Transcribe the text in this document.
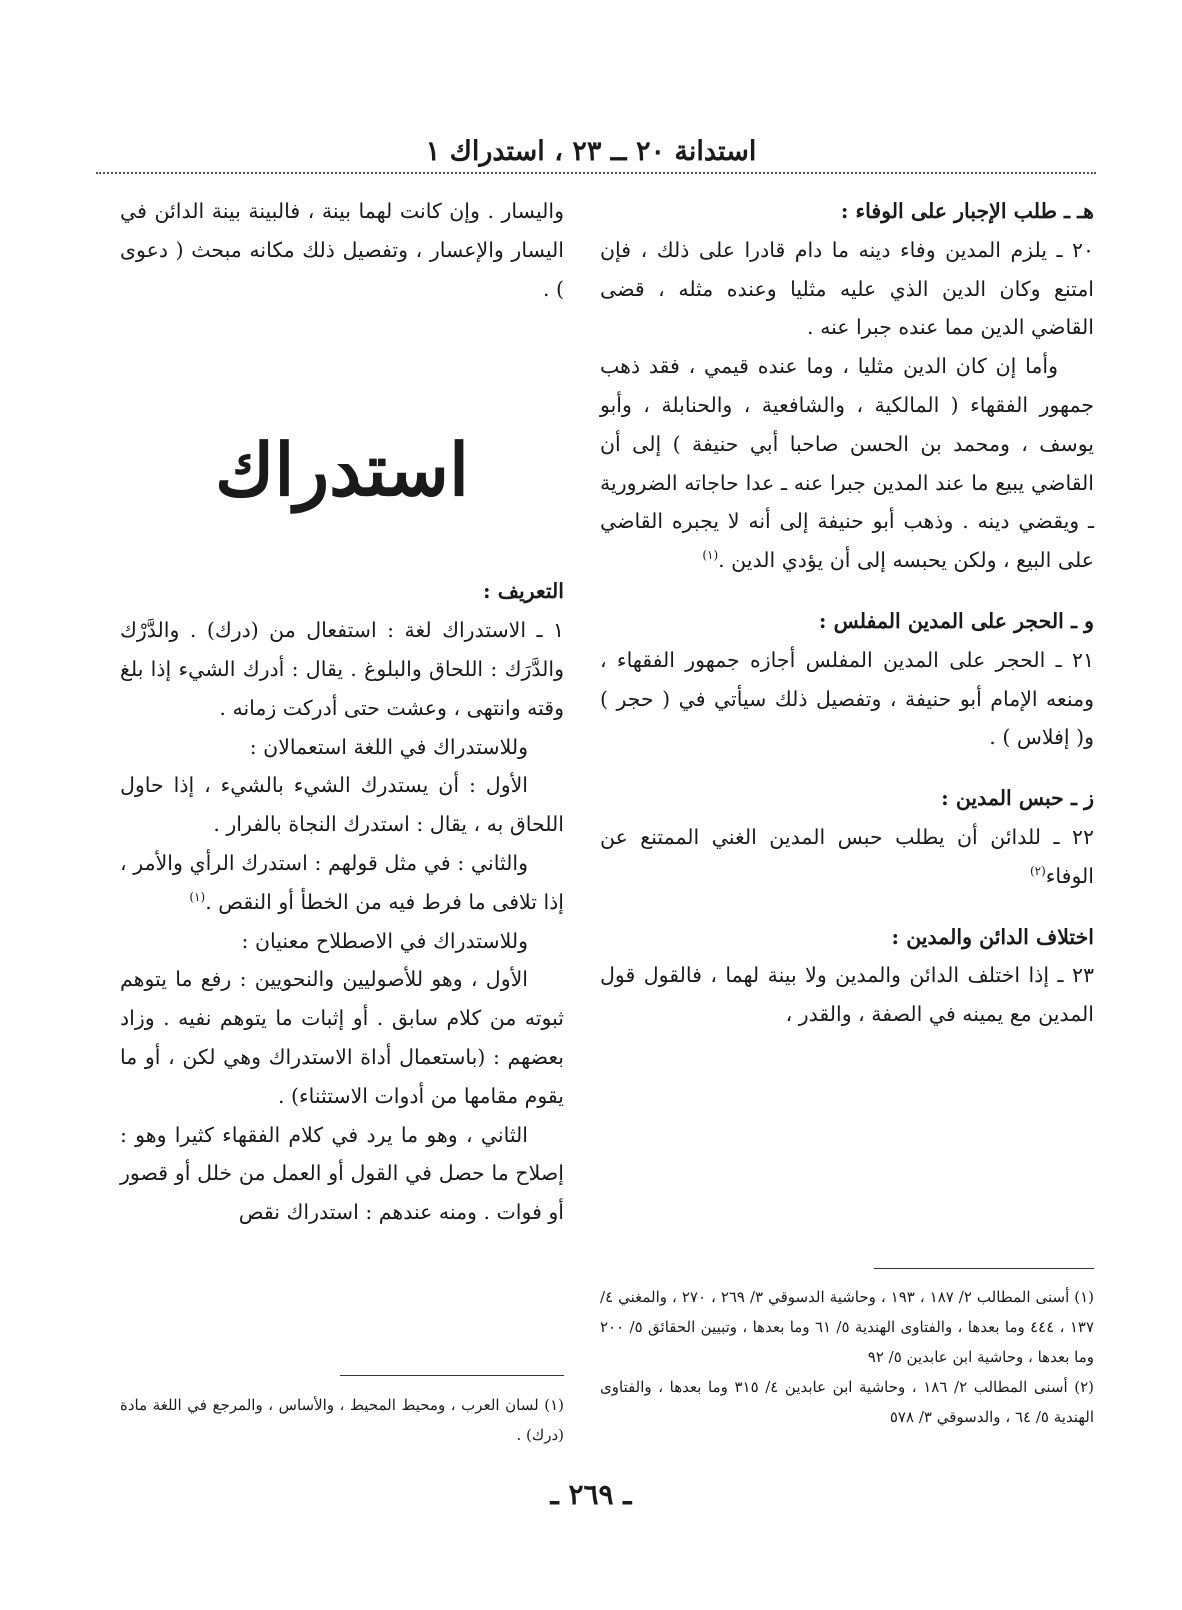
استدانة ٢٠ ــ ٢٣ ، استدراك ١

هـ ـ طلب الإجبار على الوفاء :

٢٠ ـ يلزم المدين وفاء دينه ما دام قادرا على ذلك ، فإن امتنع وكان الدين الذي عليه مثليا وعنده مثله ، قضى القاضي الدين مما عنده جبرا عنه .

وأما إن كان الدين مثليا ، وما عنده قيمي ، فقد ذهب جمهور الفقهاء ( المالكية ، والشافعية ، والحنابلة ، وأبو يوسف ، ومحمد بن الحسن صاحبا أبي حنيفة ) إلى أن القاضي يبيع ما عند المدين جبرا عنه ـ عدا حاجاته الضرورية ـ ويقضي دينه . وذهب أبو حنيفة إلى أنه لا يجبره القاضي على البيع ، ولكن يحبسه إلى أن يؤدي الدين .$^{(١)}$

و ـ الحجر على المدين المفلس :

٢١ ـ الحجر على المدين المفلس أجازه جمهور الفقهاء ، ومنعه الإمام أبو حنيفة ، وتفصيل ذلك سيأتي في ( حجر ) و( إفلاس ) .

ز ـ حبس المدين :

٢٢ ـ للدائن أن يطلب حبس المدين الغني الممتنع عن الوفاء$^{(٢)}$

اختلاف الدائن والمدين :

٢٣ ـ إذا اختلف الدائن والمدين ولا بينة لهما ، فالقول قول المدين مع يمينه في الصفة ، والقدر ،

واليسار . وإن كانت لهما بينة ، فالبينة بينة الدائن في اليسار والإعسار ، وتفصيل ذلك مكانه مبحث ( دعوى ) .

استدراك

التعريف :

١ ـ الاستدراك لغة : استفعال من (درك) . والدَّرْك والدَّرَك : اللحاق والبلوغ . يقال : أدرك الشيء إذا بلغ وقته وانتهى ، وعشت حتى أدركت زمانه .

وللاستدراك في اللغة استعمالان :

الأول : أن يستدرك الشيء بالشيء ، إذا حاول اللحاق به ، يقال : استدرك النجاة بالفرار .

والثاني : في مثل قولهم : استدرك الرأي والأمر ، إذا تلافى ما فرط فيه من الخطأ أو النقص .$^{(١)}$

وللاستدراك في الاصطلاح معنيان :

الأول ، وهو للأصوليين والنحويين : رفع ما يتوهم ثبوته من كلام سابق . أو إثبات ما يتوهم نفيه . وزاد بعضهم : (باستعمال أداة الاستدراك وهي لكن ، أو ما يقوم مقامها من أدوات الاستثناء) .

الثاني ، وهو ما يرد في كلام الفقهاء كثيرا وهو : إصلاح ما حصل في القول أو العمل من خلل أو قصور أو فوات . ومنه عندهم : استدراك نقص

(١) أسنى المطالب ٢/ ١٨٧ ، ١٩٣ ، وحاشية الدسوقي ٣/ ٢٦٩ ، ٢٧٠ ، والمغني ٤/ ١٣٧ ، ٤٤٤ وما بعدها ، والفتاوى الهندية ٥/ ٦١ وما بعدها ، وتبيين الحقائق ٥/ ٢٠٠ وما بعدها ، وحاشية ابن عابدين ٥/ ٩٢

(٢) أسنى المطالب ٢/ ١٨٦ ، وحاشية ابن عابدين ٤/ ٣١٥ وما بعدها ، والفتاوى الهندية ٥/ ٦٤ ، والدسوقي ٣/ ٥٧٨

(١) لسان العرب ، ومحيط المحيط ، والأساس ، والمرجع في اللغة مادة (درك) .

ـ ٢٦٩ ـ
